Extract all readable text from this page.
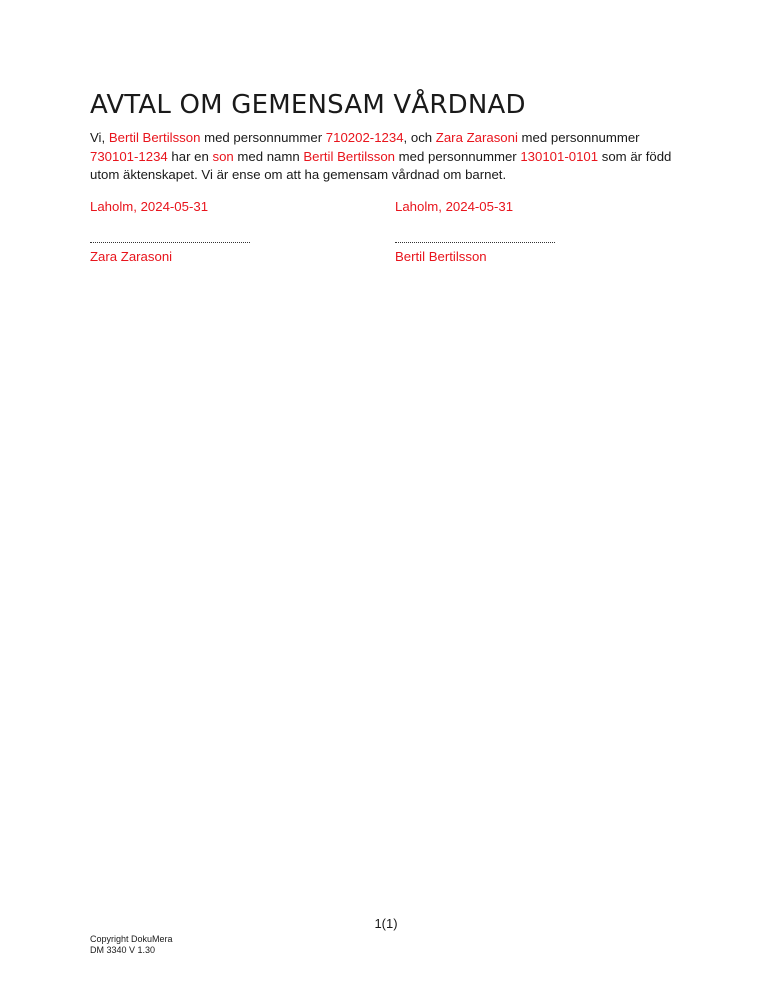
AVTAL OM GEMENSAM VÅRDNAD

Vi, Bertil Bertilsson med personnummer 710202-1234, och Zara Zarasoni med personnummer 730101-1234 har en son med namn Bertil Bertilsson med personnummer 130101-0101 som är född utom äktenskapet. Vi är ense om att ha gemensam vårdnad om barnet.

Laholm, 2024-05-31
Zara Zarasoni
Laholm, 2024-05-31
Bertil Bertilsson
1(1)
Copyright DokuMera
DM 3340 V 1.30
